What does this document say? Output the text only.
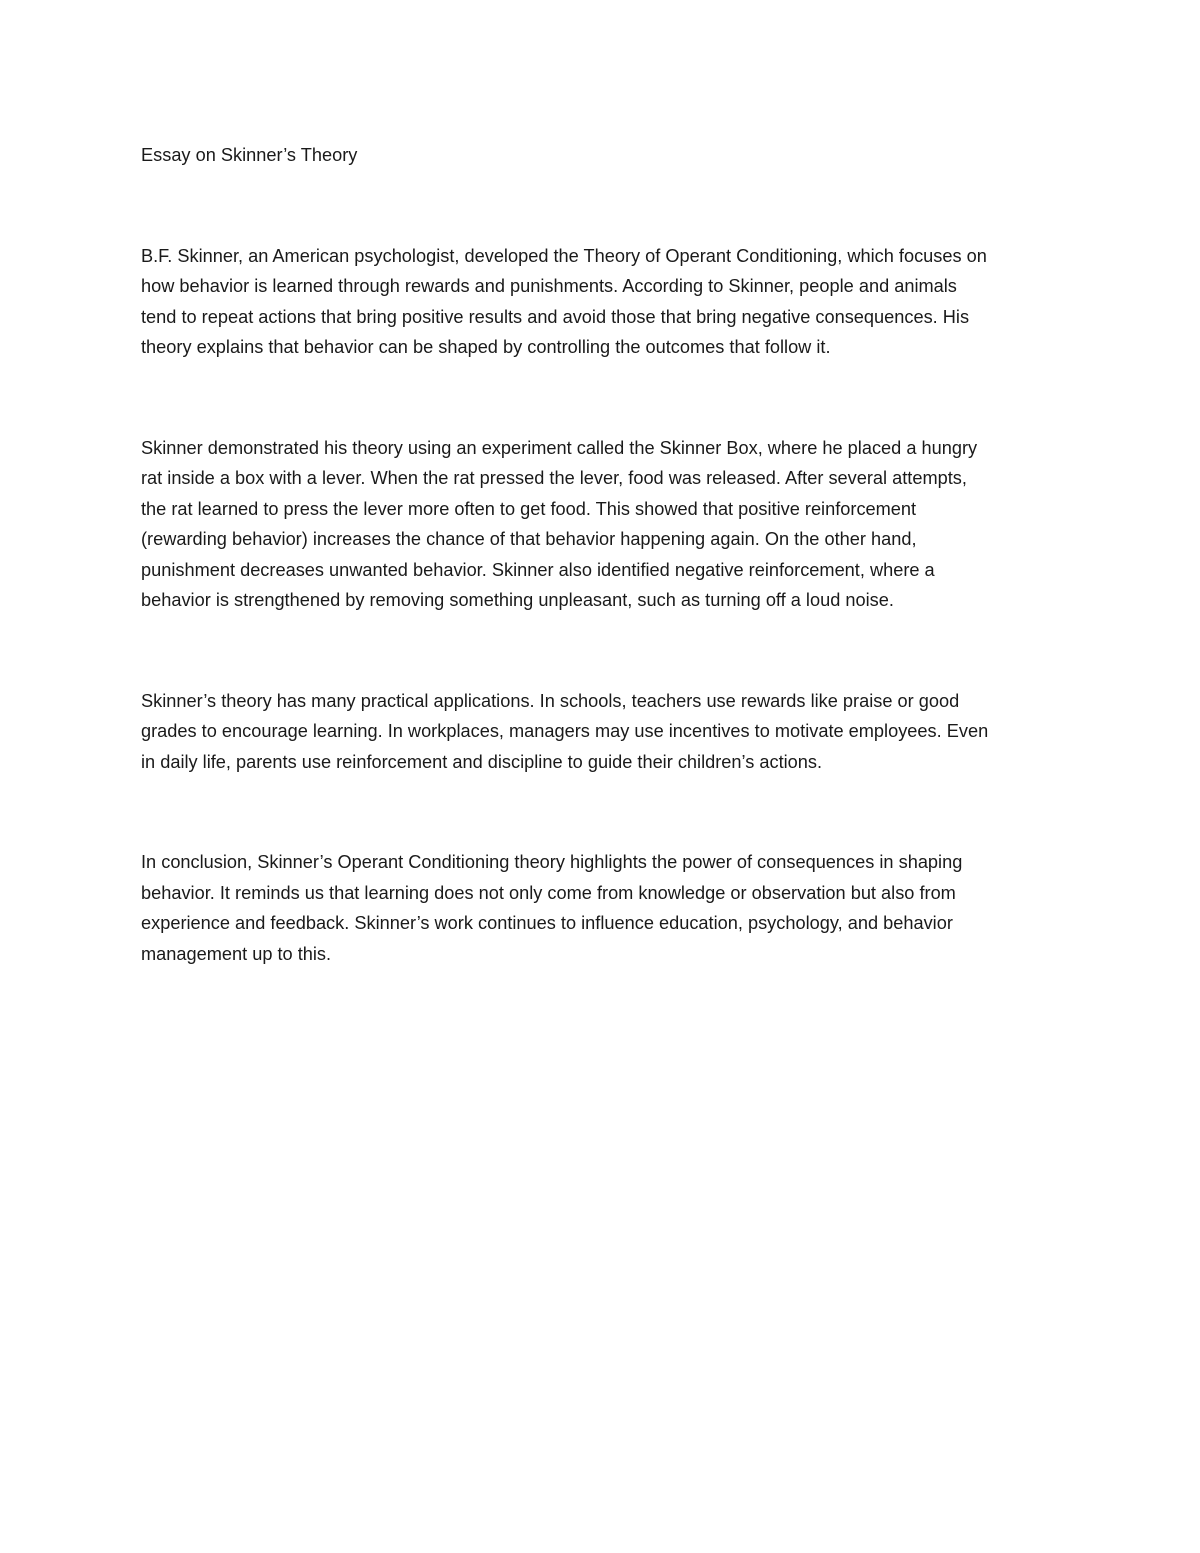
Essay on Skinner’s Theory

B.F. Skinner, an American psychologist, developed the Theory of Operant Conditioning, which focuses on
how behavior is learned through rewards and punishments. According to Skinner, people and animals
tend to repeat actions that bring positive results and avoid those that bring negative consequences. His
theory explains that behavior can be shaped by controlling the outcomes that follow it.

Skinner demonstrated his theory using an experiment called the Skinner Box, where he placed a hungry
rat inside a box with a lever. When the rat pressed the lever, food was released. After several attempts,
the rat learned to press the lever more often to get food. This showed that positive reinforcement
(rewarding behavior) increases the chance of that behavior happening again. On the other hand,
punishment decreases unwanted behavior. Skinner also identified negative reinforcement, where a
behavior is strengthened by removing something unpleasant, such as turning off a loud noise.

Skinner’s theory has many practical applications. In schools, teachers use rewards like praise or good
grades to encourage learning. In workplaces, managers may use incentives to motivate employees. Even
in daily life, parents use reinforcement and discipline to guide their children’s actions.

In conclusion, Skinner’s Operant Conditioning theory highlights the power of consequences in shaping
behavior. It reminds us that learning does not only come from knowledge or observation but also from
experience and feedback. Skinner’s work continues to influence education, psychology, and behavior
management up to this.
